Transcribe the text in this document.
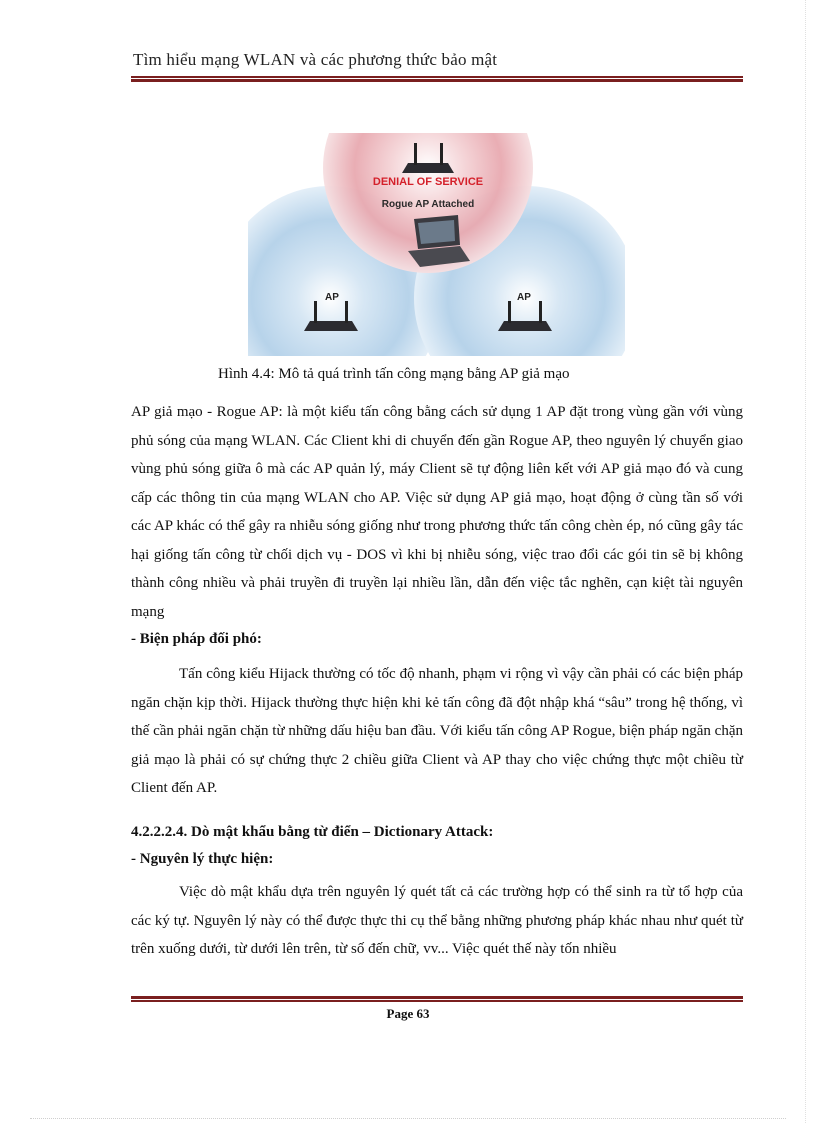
Tìm hiểu mạng WLAN và các phương thức bảo mật
DENIAL OF SERVICE
Rogue AP Attached
AP	AP
Hình 4.4: Mô tả quá trình tấn công mạng bằng AP giả mạo
AP giả mạo - Rogue AP: là một kiểu tấn công bằng cách sử dụng 1 AP đặt trong vùng gần với vùng phủ sóng của mạng WLAN. Các Client khi di chuyển đến gần Rogue AP, theo nguyên lý chuyển giao vùng phủ sóng giữa ô mà các AP quản lý, máy Client sẽ tự động liên kết với AP giả mạo đó và cung cấp các thông tin của mạng WLAN cho AP. Việc sử dụng AP giả mạo, hoạt động ở cùng tần số với các AP khác có thể gây ra nhiễu sóng giống như trong phương thức tấn công chèn ép, nó cũng gây tác hại giống tấn công từ chối dịch vụ - DOS vì khi bị nhiễu sóng, việc trao đổi các gói tin sẽ bị không thành công nhiều và phải truyền đi truyền lại nhiều lần, dẫn đến việc tắc nghẽn, cạn kiệt tài nguyên mạng
- Biện pháp đối phó:
Tấn công kiểu Hijack thường có tốc độ nhanh, phạm vi rộng vì vậy cần phải có các biện pháp ngăn chặn kịp thời. Hijack thường thực hiện khi kẻ tấn công đã đột nhập khá “sâu” trong hệ thống, vì thế cần phải ngăn chặn từ những dấu hiệu ban đầu. Với kiểu tấn công AP Rogue, biện pháp ngăn chặn giả mạo là phải có sự chứng thực 2 chiều giữa Client và AP thay cho việc chứng thực một chiều từ Client đến AP.
4.2.2.2.4. Dò mật khẩu bằng từ điển – Dictionary Attack:
- Nguyên lý thực hiện:
Việc dò mật khẩu dựa trên nguyên lý quét tất cả các trường hợp có thể sinh ra từ tổ hợp của các ký tự. Nguyên lý này có thể được thực thi cụ thể bằng những phương pháp khác nhau như quét từ trên xuống dưới, từ dưới lên trên, từ số đến chữ, vv... Việc quét thế này tốn nhiều
Page 63
